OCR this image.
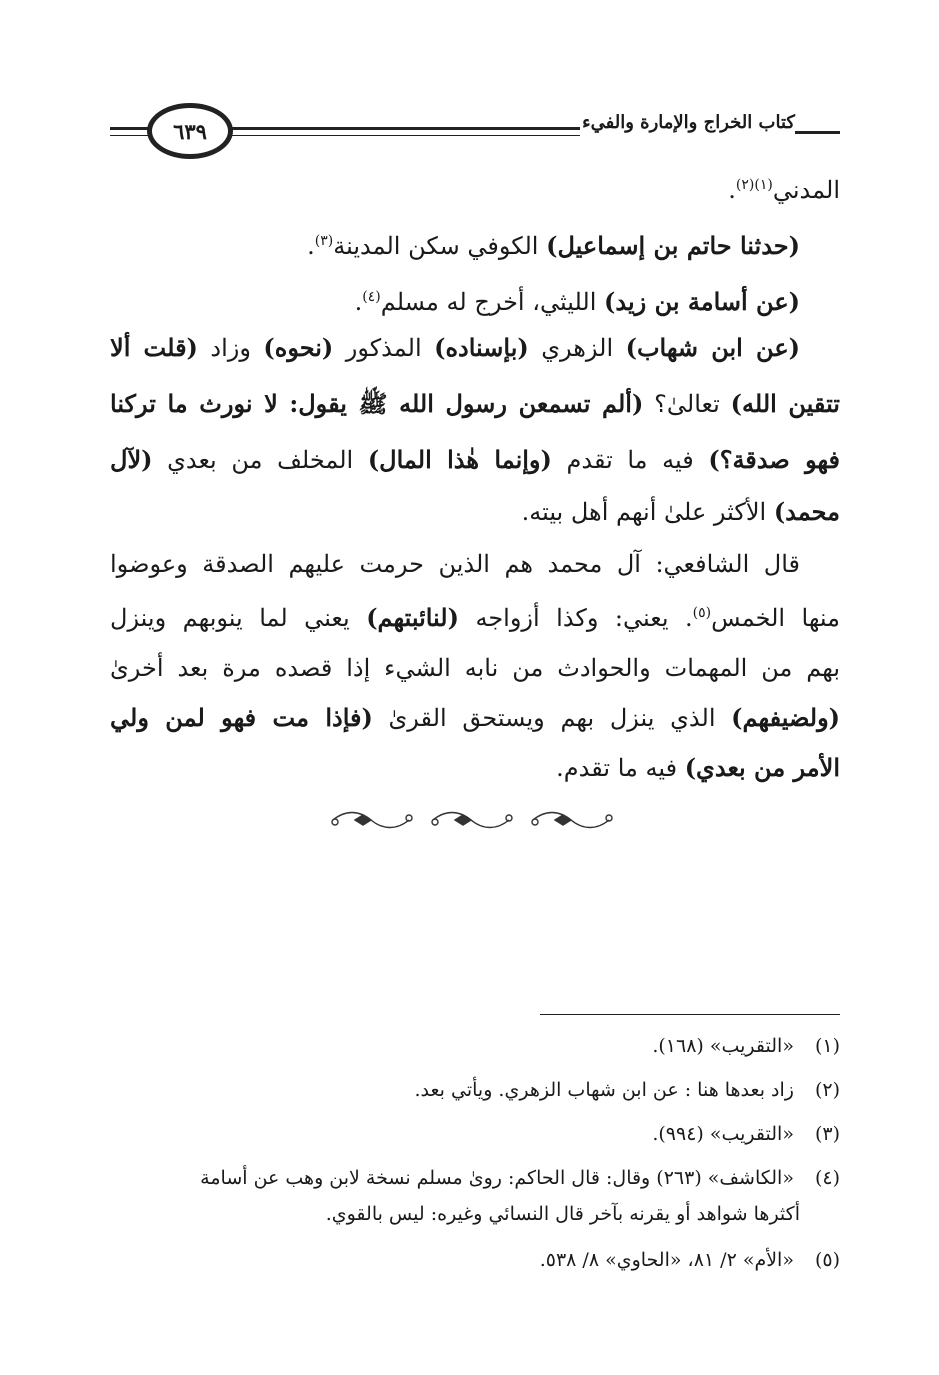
كتاب الخراج والإمارة والفيء
٦٣٩
المدني$^{(١)(٢)}$.
(حدثنا حاتم بن إسماعيل) الكوفي سكن المدينة$^{(٣)}$.
(عن أسامة بن زيد) الليثي، أخرج له مسلم$^{(٤)}$.
(عن ابن شهاب) الزهري (بإسناده) المذكور (نحوه) وزاد (قلت ألا
تتقين الله) تعالىٰ؟ (ألم تسمعن رسول الله ﷺ يقول: لا نورث ما تركنا
فهو صدقة؟) فيه ما تقدم (وإنما هٰذا المال) المخلف من بعدي (لآل
محمد) الأكثر علىٰ أنهم أهل بيته.
قال الشافعي: آل محمد هم الذين حرمت عليهم الصدقة وعوضوا
منها الخمس$^{(٥)}$. يعني: وكذا أزواجه (لنائبتهم) يعني لما ينوبهم وينزل
بهم من المهمات والحوادث من نابه الشيء إذا قصده مرة بعد أخرىٰ
(ولضيفهم) الذي ينزل بهم ويستحق القرىٰ (فإذا مت فهو لمن ولي
الأمر من بعدي) فيه ما تقدم.
(١) «التقريب» (١٦٨).
(٢) زاد بعدها هنا : عن ابن شهاب الزهري. ويأتي بعد.
(٣) «التقريب» (٩٩٤).
(٤) «الكاشف» (٢٦٣) وقال: قال الحاكم: روىٰ مسلم نسخة لابن وهب عن أسامة
أكثرها شواهد أو يقرنه بآخر قال النسائي وغيره: ليس بالقوي.
(٥) «الأم» ٢/ ٨١، «الحاوي» ٨/ ٥٣٨.
